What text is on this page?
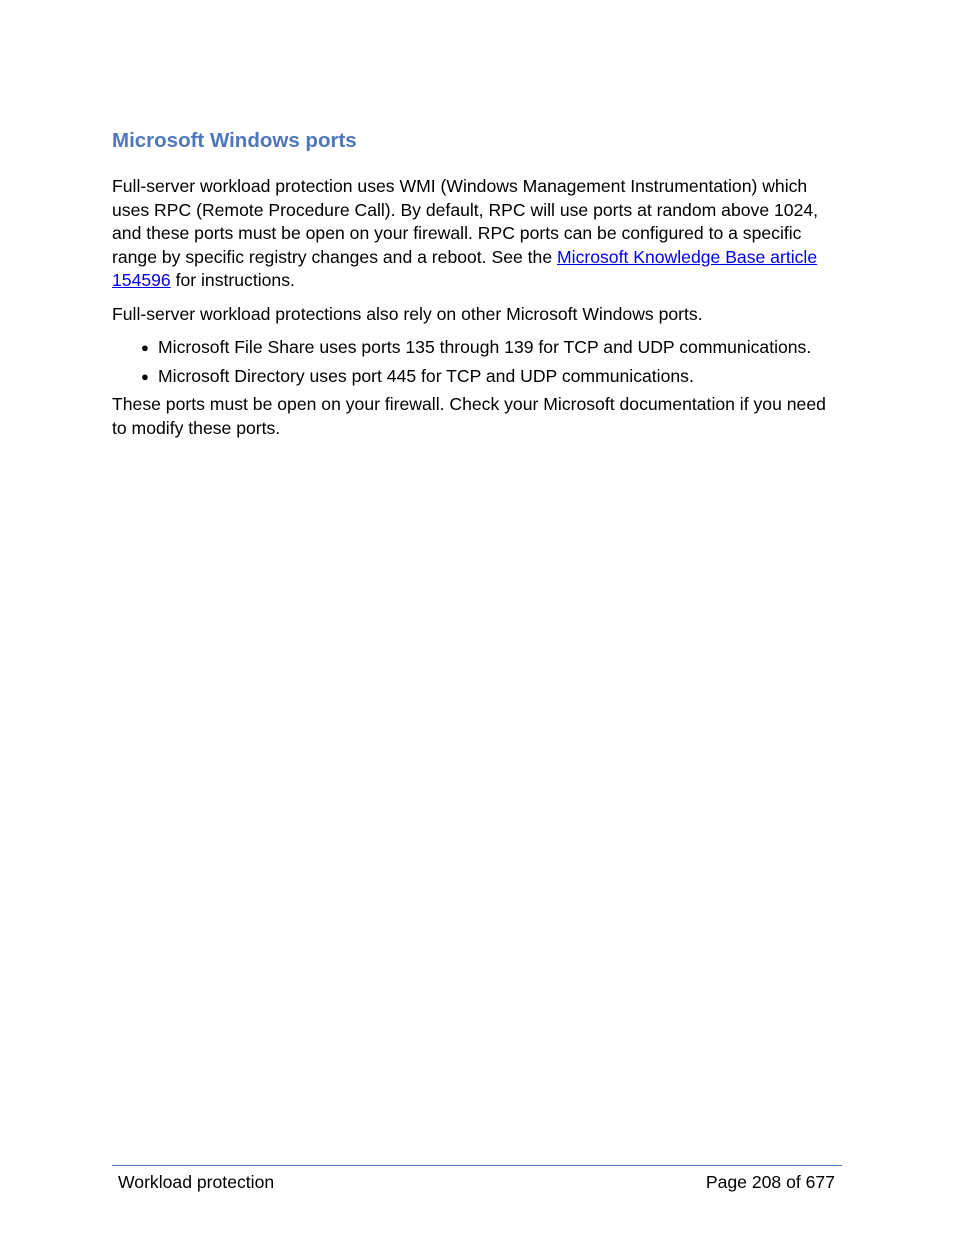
Microsoft Windows ports

Full-server workload protection uses WMI (Windows Management Instrumentation) which uses RPC (Remote Procedure Call). By default, RPC will use ports at random above 1024, and these ports must be open on your firewall. RPC ports can be configured to a specific range by specific registry changes and a reboot. See the Microsoft Knowledge Base article 154596 for instructions.

Full-server workload protections also rely on other Microsoft Windows ports.

● Microsoft File Share uses ports 135 through 139 for TCP and UDP communications.
● Microsoft Directory uses port 445 for TCP and UDP communications.

These ports must be open on your firewall. Check your Microsoft documentation if you need to modify these ports.

Workload protection	Page 208 of 677
